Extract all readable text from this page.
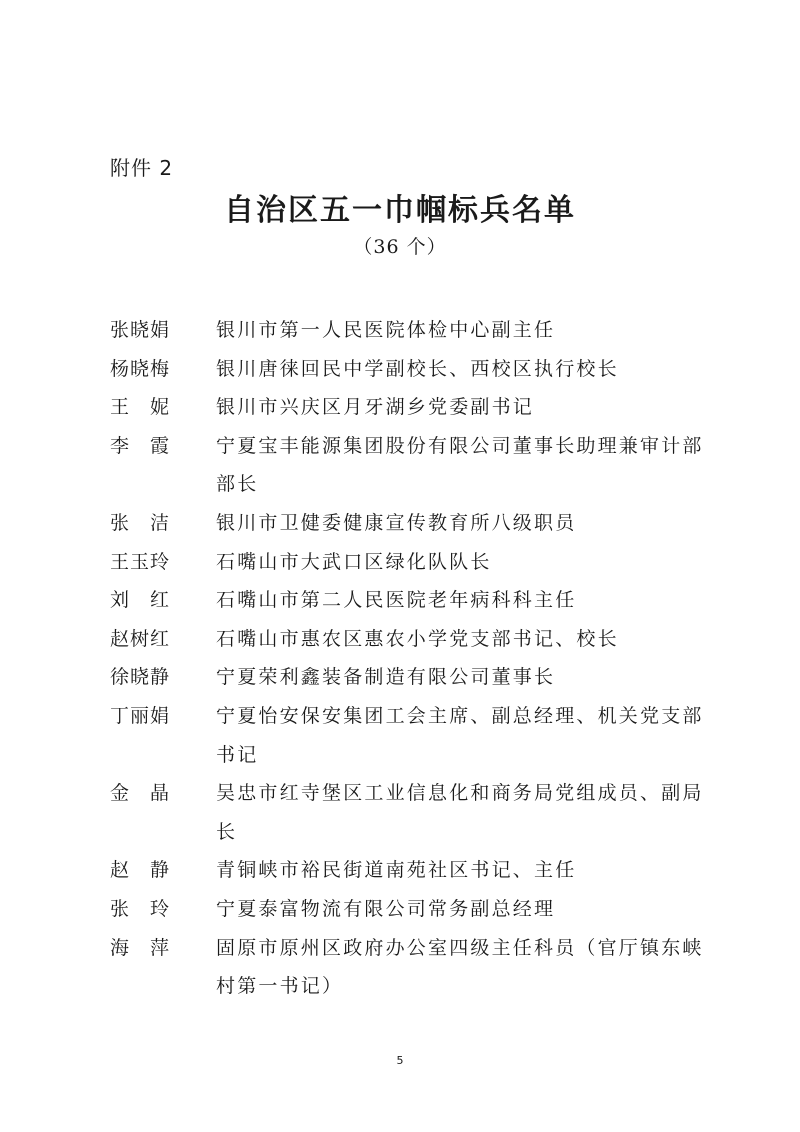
附件 2
自治区五一巾帼标兵名单
（36 个）
张晓娟	银川市第一人民医院体检中心副主任
杨晓梅	银川唐徕回民中学副校长、西校区执行校长
王　妮	银川市兴庆区月牙湖乡党委副书记
李　霞	宁夏宝丰能源集团股份有限公司董事长助理兼审计部部长
张　洁	银川市卫健委健康宣传教育所八级职员
王玉玲	石嘴山市大武口区绿化队队长
刘　红	石嘴山市第二人民医院老年病科科主任
赵树红	石嘴山市惠农区惠农小学党支部书记、校长
徐晓静	宁夏荣利鑫装备制造有限公司董事长
丁丽娟	宁夏怡安保安集团工会主席、副总经理、机关党支部书记
金　晶	吴忠市红寺堡区工业信息化和商务局党组成员、副局长
赵　静	青铜峡市裕民街道南苑社区书记、主任
张　玲	宁夏泰富物流有限公司常务副总经理
海　萍	固原市原州区政府办公室四级主任科员（官厅镇东峡村第一书记）
5
